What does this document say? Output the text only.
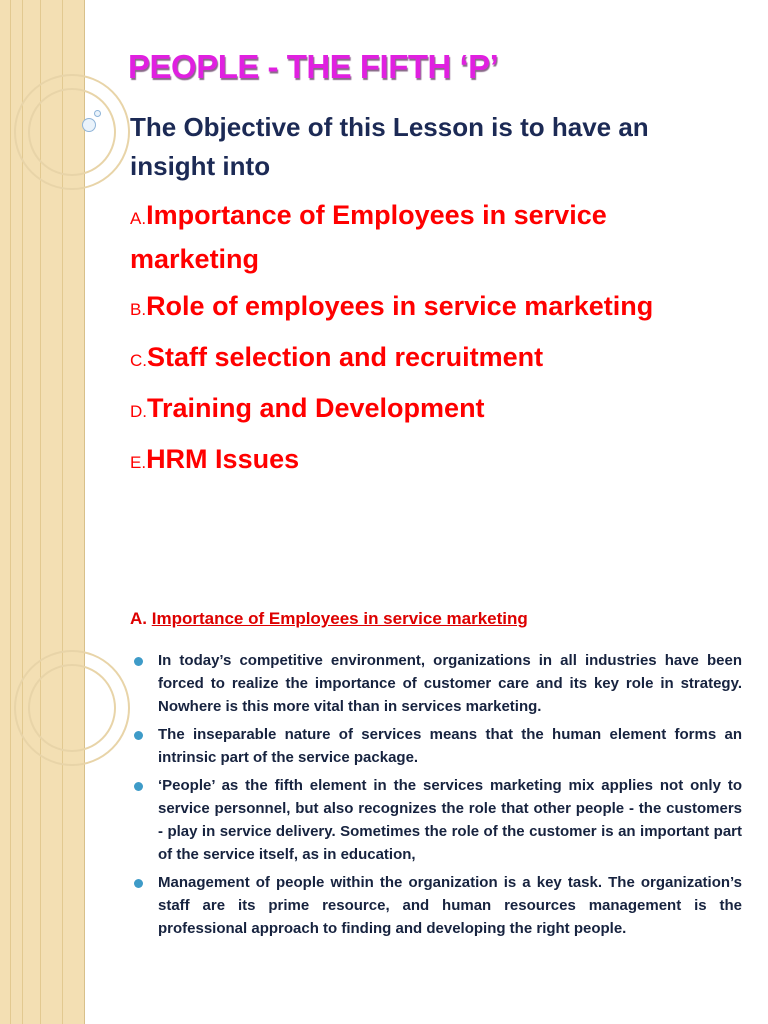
PEOPLE - THE FIFTH ‘P’

The Objective of this Lesson is to have an insight into

A.Importance of Employees in service marketing
B.Role of employees in service marketing
C.Staff selection and recruitment
D.Training and Development
E.HRM Issues
A. Importance of Employees in service marketing
In today’s competitive environment, organizations in all industries have been forced to realize the importance of customer care and its key role in strategy. Nowhere is this more vital than in services marketing.
The inseparable nature of services means that the human element forms an intrinsic part of the service package.
‘People’ as the fifth element in the services marketing mix applies not only to service personnel, but also recognizes the role that other people - the customers - play in service delivery. Sometimes the role of the customer is an important part of the service itself, as in education,
Management of people within the organization is a key task. The organization’s staff are its prime resource, and human resources management is the professional approach to finding and developing the right people.
